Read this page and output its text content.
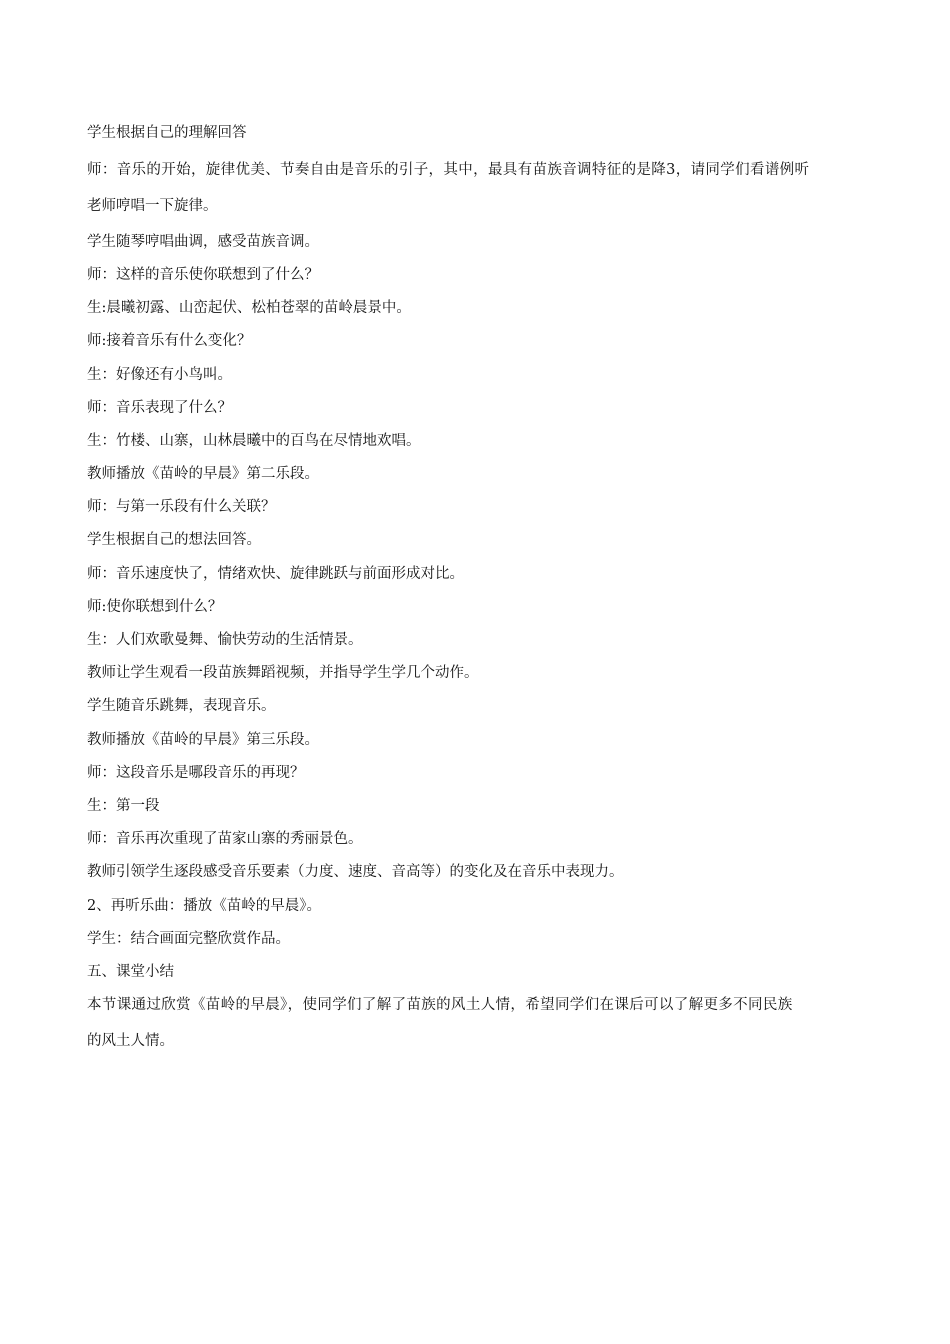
学生根据自己的理解回答
师：音乐的开始，旋律优美、节奏自由是音乐的引子，其中，最具有苗族音调特征的是降3，请同学们看谱例听
老师哼唱一下旋律。
学生随琴哼唱曲调，感受苗族音调。
师：这样的音乐使你联想到了什么？
生:晨曦初露、山峦起伏、松柏苍翠的苗岭晨景中。
师:接着音乐有什么变化？
生：好像还有小鸟叫。
师：音乐表现了什么？
生：竹楼、山寨，山林晨曦中的百鸟在尽情地欢唱。
教师播放《苗岭的早晨》第二乐段。
师：与第一乐段有什么关联？
学生根据自己的想法回答。
师：音乐速度快了，情绪欢快、旋律跳跃与前面形成对比。
师:使你联想到什么？
生：人们欢歌曼舞、愉快劳动的生活情景。
教师让学生观看一段苗族舞蹈视频，并指导学生学几个动作。
学生随音乐跳舞，表现音乐。
教师播放《苗岭的早晨》第三乐段。
师：这段音乐是哪段音乐的再现？
生：第一段
师：音乐再次重现了苗家山寨的秀丽景色。
教师引领学生逐段感受音乐要素（力度、速度、音高等）的变化及在音乐中表现力。
2、再听乐曲：播放《苗岭的早晨》。
学生：结合画面完整欣赏作品。
五、课堂小结
本节课通过欣赏《苗岭的早晨》，使同学们了解了苗族的风土人情，希望同学们在课后可以了解更多不同民族
的风土人情。
